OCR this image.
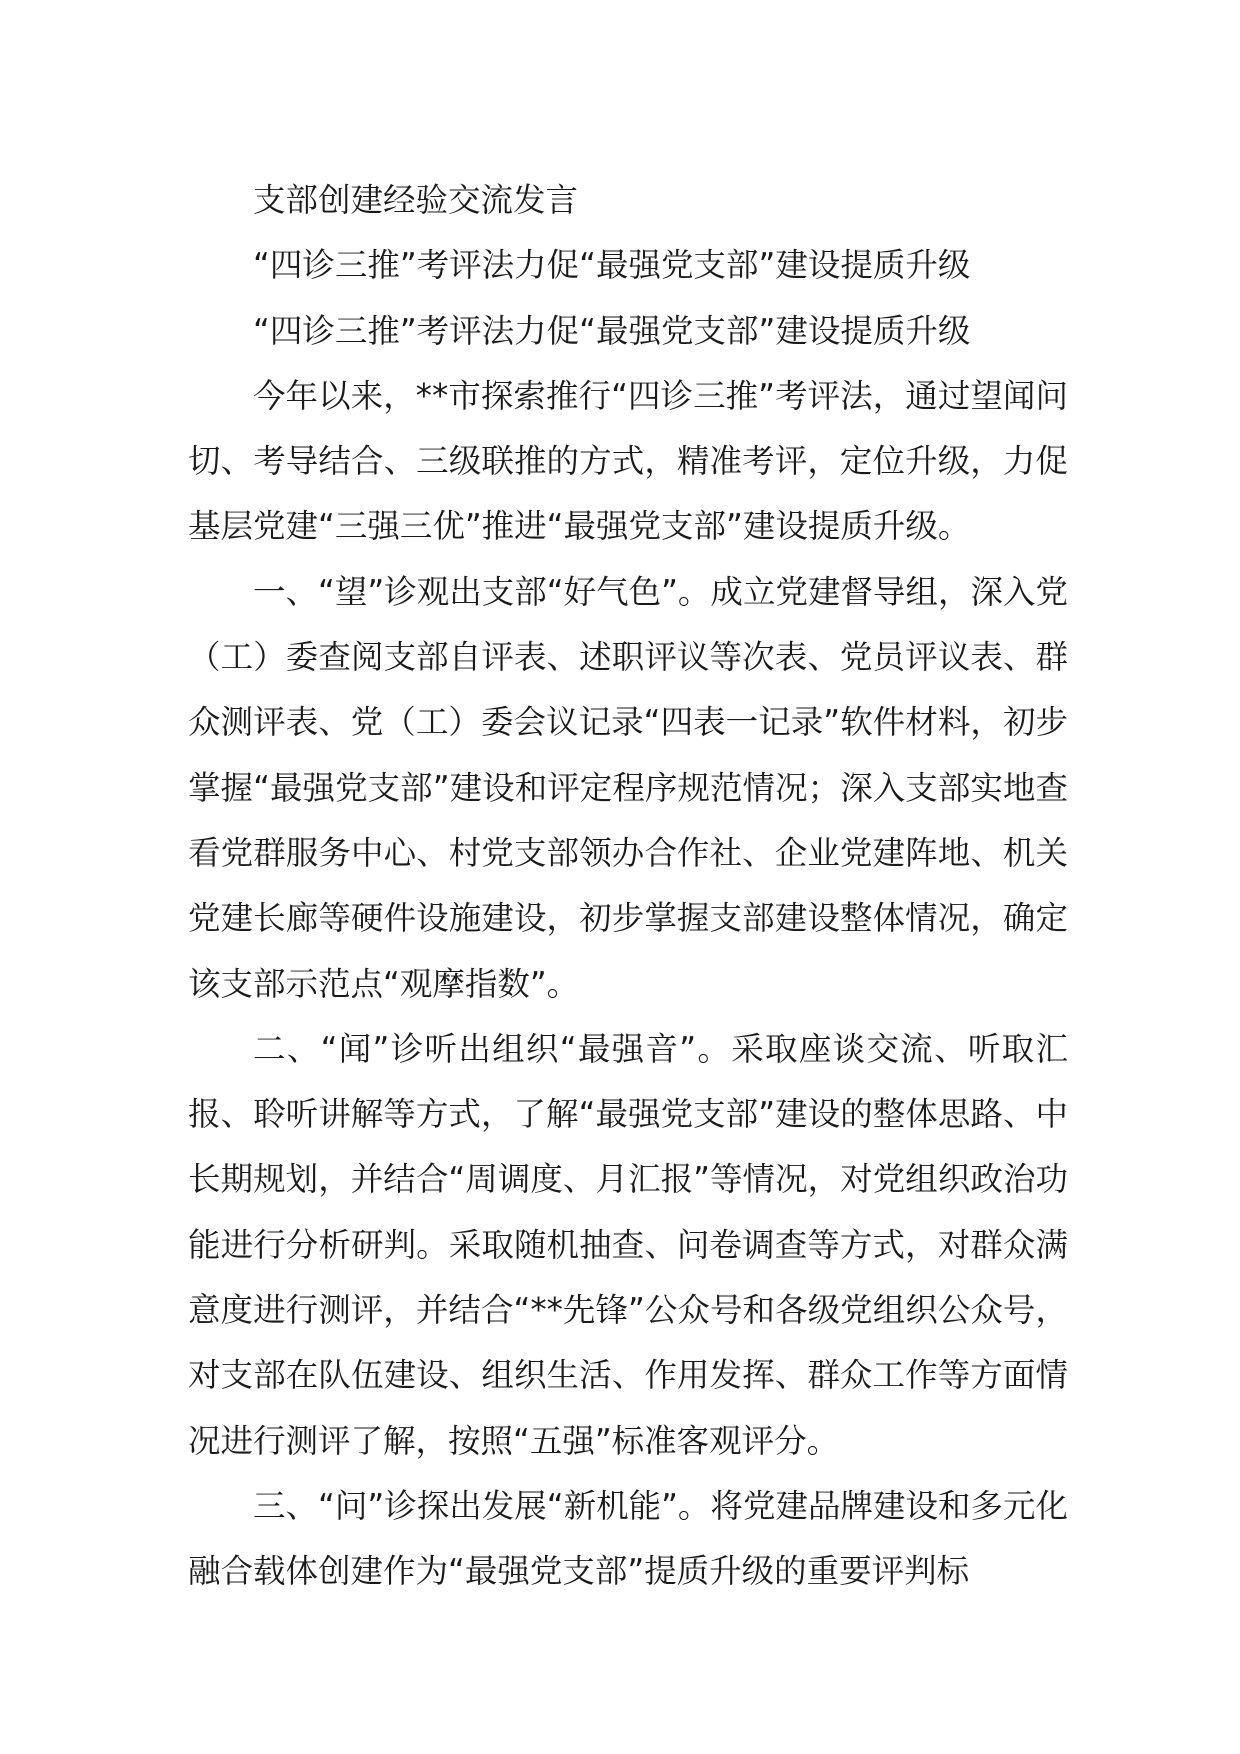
支部创建经验交流发言

“四诊三推”考评法力促“最强党支部”建设提质升级

“四诊三推”考评法力促“最强党支部”建设提质升级

今年以来，**市探索推行“四诊三推”考评法，通过望闻问切、考导结合、三级联推的方式，精准考评，定位升级，力促基层党建“三强三优”推进“最强党支部”建设提质升级。

一、“望”诊观出支部“好气色”。成立党建督导组，深入党（工）委查阅支部自评表、述职评议等次表、党员评议表、群众测评表、党（工）委会议记录“四表一记录”软件材料，初步掌握“最强党支部”建设和评定程序规范情况；深入支部实地查看党群服务中心、村党支部领办合作社、企业党建阵地、机关党建长廊等硬件设施建设，初步掌握支部建设整体情况，确定该支部示范点“观摩指数”。

二、“闻”诊听出组织“最强音”。采取座谈交流、听取汇报、聆听讲解等方式，了解“最强党支部”建设的整体思路、中长期规划，并结合“周调度、月汇报”等情况，对党组织政治功能进行分析研判。采取随机抽查、问卷调查等方式，对群众满意度进行测评，并结合“**先锋”公众号和各级党组织公众号，对支部在队伍建设、组织生活、作用发挥、群众工作等方面情况进行测评了解，按照“五强”标准客观评分。

三、“问”诊探出发展“新机能”。将党建品牌建设和多元化融合载体创建作为“最强党支部”提质升级的重要评判标
